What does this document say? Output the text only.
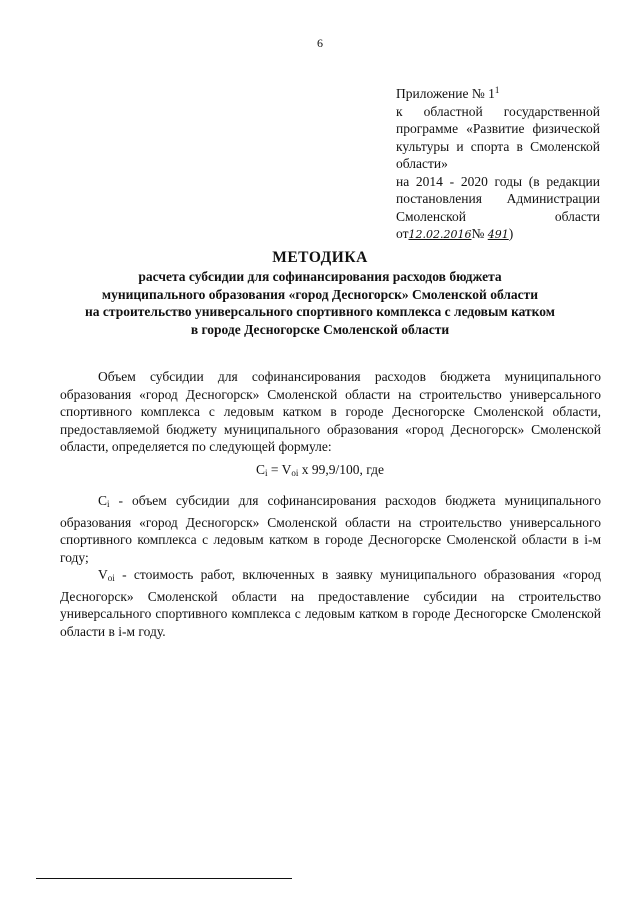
6
Приложение № $1^1$
к областной государственной программе «Развитие физической культуры и спорта в Смоленской области»
на 2014 - 2020 годы (в редакции постановления Администрации Смоленской области от12.02.2016№ 491)
МЕТОДИКА
расчета субсидии для софинансирования расходов бюджета
муниципального образования «город Десногорск» Смоленской области
на строительство универсального спортивного комплекса с ледовым катком
в городе Десногорске Смоленской области
Объем субсидии для софинансирования расходов бюджета муниципального образования «город Десногорск» Смоленской области на строительство универсального спортивного комплекса с ледовым катком в городе Десногорске Смоленской области, предоставляемой бюджету муниципального образования «город Десногорск» Смоленской области, определяется по следующей формуле:
$C_i = V_{oi}$ х 99,9/100, где

$C_i$ - объем субсидии для софинансирования расходов бюджета муниципального образования «город Десногорск» Смоленской области на строительство универсального спортивного комплекса с ледовым катком в городе Десногорске Смоленской области в i-м году;

$V_{oi}$ - стоимость работ, включенных в заявку муниципального образования «город Десногорск» Смоленской области на предоставление субсидии на строительство универсального спортивного комплекса с ледовым катком в городе Десногорске Смоленской области в i-м году.
